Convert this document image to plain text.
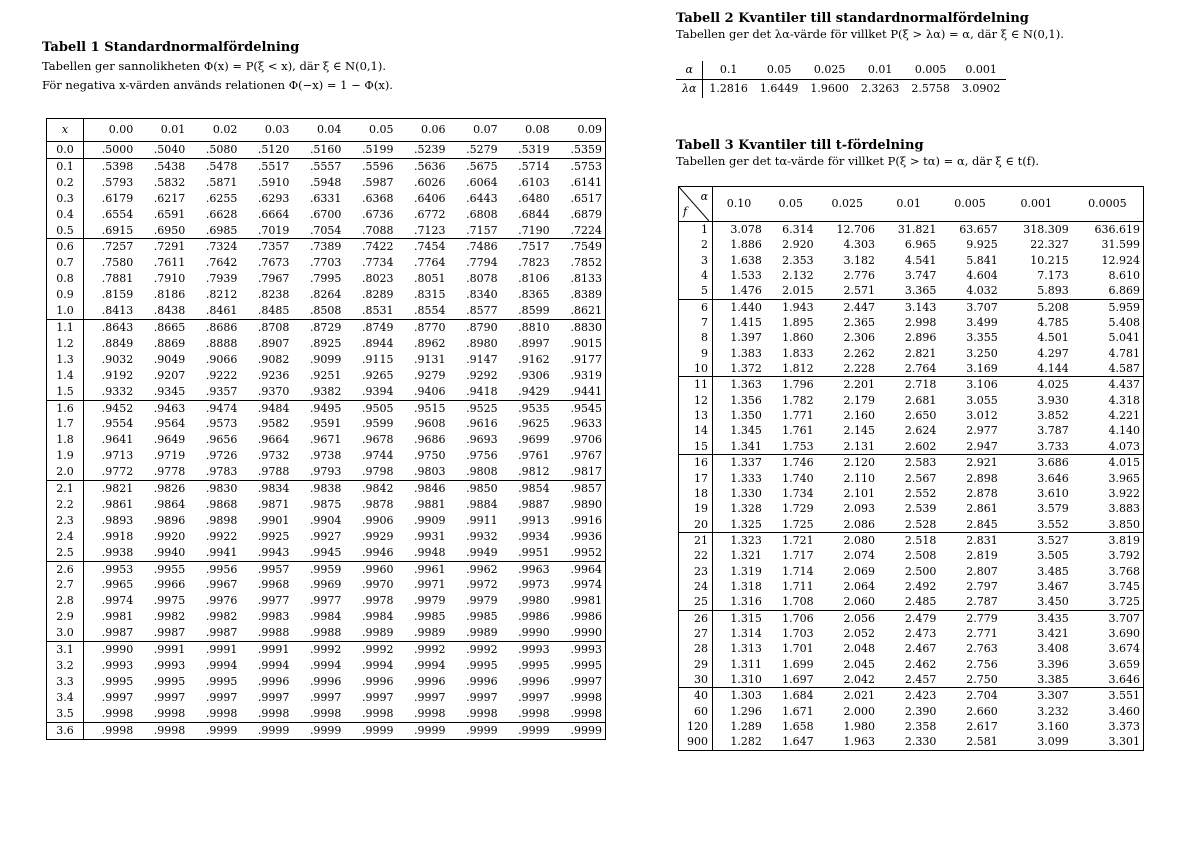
Tabell 1 Standardnormalfördelning
Tabellen ger sannolikheten Φ(x) = P(ξ < x), där ξ ∈ N(0,1).
För negativa x-värden används relationen Φ(−x) = 1 − Φ(x).
x	0.00	0.01	0.02	0.03	0.04	0.05	0.06	0.07	0.08	0.09
0.0	.5000	.5040	.5080	.5120	.5160	.5199	.5239	.5279	.5319	.5359
0.1	.5398	.5438	.5478	.5517	.5557	.5596	.5636	.5675	.5714	.5753
0.2	.5793	.5832	.5871	.5910	.5948	.5987	.6026	.6064	.6103	.6141
0.3	.6179	.6217	.6255	.6293	.6331	.6368	.6406	.6443	.6480	.6517
0.4	.6554	.6591	.6628	.6664	.6700	.6736	.6772	.6808	.6844	.6879
0.5	.6915	.6950	.6985	.7019	.7054	.7088	.7123	.7157	.7190	.7224
0.6	.7257	.7291	.7324	.7357	.7389	.7422	.7454	.7486	.7517	.7549
0.7	.7580	.7611	.7642	.7673	.7703	.7734	.7764	.7794	.7823	.7852
0.8	.7881	.7910	.7939	.7967	.7995	.8023	.8051	.8078	.8106	.8133
0.9	.8159	.8186	.8212	.8238	.8264	.8289	.8315	.8340	.8365	.8389
1.0	.8413	.8438	.8461	.8485	.8508	.8531	.8554	.8577	.8599	.8621
1.1	.8643	.8665	.8686	.8708	.8729	.8749	.8770	.8790	.8810	.8830
1.2	.8849	.8869	.8888	.8907	.8925	.8944	.8962	.8980	.8997	.9015
1.3	.9032	.9049	.9066	.9082	.9099	.9115	.9131	.9147	.9162	.9177
1.4	.9192	.9207	.9222	.9236	.9251	.9265	.9279	.9292	.9306	.9319
1.5	.9332	.9345	.9357	.9370	.9382	.9394	.9406	.9418	.9429	.9441
1.6	.9452	.9463	.9474	.9484	.9495	.9505	.9515	.9525	.9535	.9545
1.7	.9554	.9564	.9573	.9582	.9591	.9599	.9608	.9616	.9625	.9633
1.8	.9641	.9649	.9656	.9664	.9671	.9678	.9686	.9693	.9699	.9706
1.9	.9713	.9719	.9726	.9732	.9738	.9744	.9750	.9756	.9761	.9767
2.0	.9772	.9778	.9783	.9788	.9793	.9798	.9803	.9808	.9812	.9817
2.1	.9821	.9826	.9830	.9834	.9838	.9842	.9846	.9850	.9854	.9857
2.2	.9861	.9864	.9868	.9871	.9875	.9878	.9881	.9884	.9887	.9890
2.3	.9893	.9896	.9898	.9901	.9904	.9906	.9909	.9911	.9913	.9916
2.4	.9918	.9920	.9922	.9925	.9927	.9929	.9931	.9932	.9934	.9936
2.5	.9938	.9940	.9941	.9943	.9945	.9946	.9948	.9949	.9951	.9952
2.6	.9953	.9955	.9956	.9957	.9959	.9960	.9961	.9962	.9963	.9964
2.7	.9965	.9966	.9967	.9968	.9969	.9970	.9971	.9972	.9973	.9974
2.8	.9974	.9975	.9976	.9977	.9977	.9978	.9979	.9979	.9980	.9981
2.9	.9981	.9982	.9982	.9983	.9984	.9984	.9985	.9985	.9986	.9986
3.0	.9987	.9987	.9987	.9988	.9988	.9989	.9989	.9989	.9990	.9990
3.1	.9990	.9991	.9991	.9991	.9992	.9992	.9992	.9992	.9993	.9993
3.2	.9993	.9993	.9994	.9994	.9994	.9994	.9994	.9995	.9995	.9995
3.3	.9995	.9995	.9995	.9996	.9996	.9996	.9996	.9996	.9996	.9997
3.4	.9997	.9997	.9997	.9997	.9997	.9997	.9997	.9997	.9997	.9998
3.5	.9998	.9998	.9998	.9998	.9998	.9998	.9998	.9998	.9998	.9998
3.6	.9998	.9998	.9999	.9999	.9999	.9999	.9999	.9999	.9999	.9999
Tabell 2 Kvantiler till standardnormalfördelning
Tabellen ger det λα-värde för villket P(ξ > λα) = α, där ξ ∈ N(0,1).
α	0.1	0.05	0.025	0.01	0.005	0.001
λα	1.2816	1.6449	1.9600	2.3263	2.5758	3.0902
Tabell 3 Kvantiler till t-fördelning
Tabellen ger det tα-värde för villket P(ξ > tα) = α, där ξ ∈ t(f).
α
f	0.10	0.05	0.025	0.01	0.005	0.001	0.0005
1	3.078	6.314	12.706	31.821	63.657	318.309	636.619
2	1.886	2.920	4.303	6.965	9.925	22.327	31.599
3	1.638	2.353	3.182	4.541	5.841	10.215	12.924
4	1.533	2.132	2.776	3.747	4.604	7.173	8.610
5	1.476	2.015	2.571	3.365	4.032	5.893	6.869
6	1.440	1.943	2.447	3.143	3.707	5.208	5.959
7	1.415	1.895	2.365	2.998	3.499	4.785	5.408
8	1.397	1.860	2.306	2.896	3.355	4.501	5.041
9	1.383	1.833	2.262	2.821	3.250	4.297	4.781
10	1.372	1.812	2.228	2.764	3.169	4.144	4.587
11	1.363	1.796	2.201	2.718	3.106	4.025	4.437
12	1.356	1.782	2.179	2.681	3.055	3.930	4.318
13	1.350	1.771	2.160	2.650	3.012	3.852	4.221
14	1.345	1.761	2.145	2.624	2.977	3.787	4.140
15	1.341	1.753	2.131	2.602	2.947	3.733	4.073
16	1.337	1.746	2.120	2.583	2.921	3.686	4.015
17	1.333	1.740	2.110	2.567	2.898	3.646	3.965
18	1.330	1.734	2.101	2.552	2.878	3.610	3.922
19	1.328	1.729	2.093	2.539	2.861	3.579	3.883
20	1.325	1.725	2.086	2.528	2.845	3.552	3.850
21	1.323	1.721	2.080	2.518	2.831	3.527	3.819
22	1.321	1.717	2.074	2.508	2.819	3.505	3.792
23	1.319	1.714	2.069	2.500	2.807	3.485	3.768
24	1.318	1.711	2.064	2.492	2.797	3.467	3.745
25	1.316	1.708	2.060	2.485	2.787	3.450	3.725
26	1.315	1.706	2.056	2.479	2.779	3.435	3.707
27	1.314	1.703	2.052	2.473	2.771	3.421	3.690
28	1.313	1.701	2.048	2.467	2.763	3.408	3.674
29	1.311	1.699	2.045	2.462	2.756	3.396	3.659
30	1.310	1.697	2.042	2.457	2.750	3.385	3.646
40	1.303	1.684	2.021	2.423	2.704	3.307	3.551
60	1.296	1.671	2.000	2.390	2.660	3.232	3.460
120	1.289	1.658	1.980	2.358	2.617	3.160	3.373
900	1.282	1.647	1.963	2.330	2.581	3.099	3.301
